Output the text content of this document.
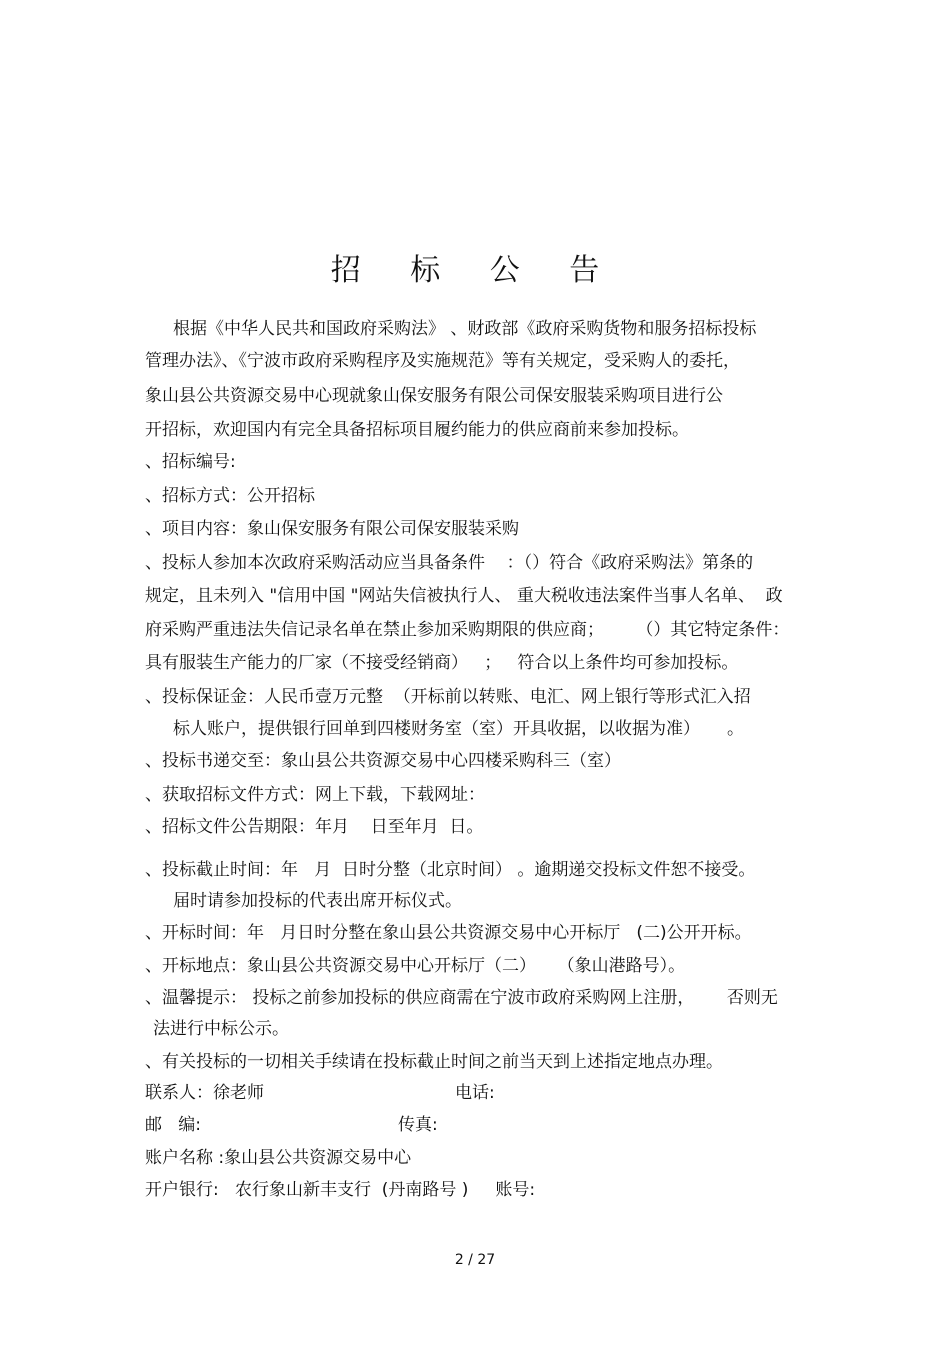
招 标 公 告
根据《中华人民共和国政府采购法》 、财政部《政府采购货物和服务招标投标
管理办法》、《宁波市政府采购程序及实施规范》等有关规定，受采购人的委托，
象山县公共资源交易中心现就象山保安服务有限公司保安服装采购项目进行公
开招标，欢迎国内有完全具备招标项目履约能力的供应商前来参加投标。
、招标编号:
、招标方式：公开招标
、项目内容：象山保安服务有限公司保安服装采购
、投标人参加本次政府采购活动应当具备条件    ：（）符合《政府采购法》第条的
规定，且未列入 "信用中国 "网站失信被执行人、 重大税收违法案件当事人名单、  政
府采购严重违法失信记录名单在禁止参加采购期限的供应商；      （）其它特定条件：
具有服装生产能力的厂家（不接受经销商）   ；   符合以上条件均可参加投标。
、投标保证金：人民币壹万元整  （开标前以转账、电汇、网上银行等形式汇入招
标人账户，提供银行回单到四楼财务室（室）开具收据，以收据为准）     。
、投标书递交至：象山县公共资源交易中心四楼采购科三（室）
、获取招标文件方式：网上下载，下载网址：
、招标文件公告期限：年月    日至年月  日。
、投标截止时间：年   月  日时分整（北京时间） 。逾期递交投标文件恕不接受。
届时请参加投标的代表出席开标仪式。
、开标时间：年   月日时分整在象山县公共资源交易中心开标厅   (二)公开开标。
、开标地点：象山县公共资源交易中心开标厅（二）    （象山港路号）。
、温馨提示： 投标之前参加投标的供应商需在宁波市政府采购网上注册，      否则无
法进行中标公示。
、有关投标的一切相关手续请在投标截止时间之前当天到上述指定地点办理。
联系人：徐老师	电话:
邮   编:	传真:
账户名称 :象山县公共资源交易中心
开户银行:   农行象山新丰支行  (丹南路号 )     账号:
2 / 27
